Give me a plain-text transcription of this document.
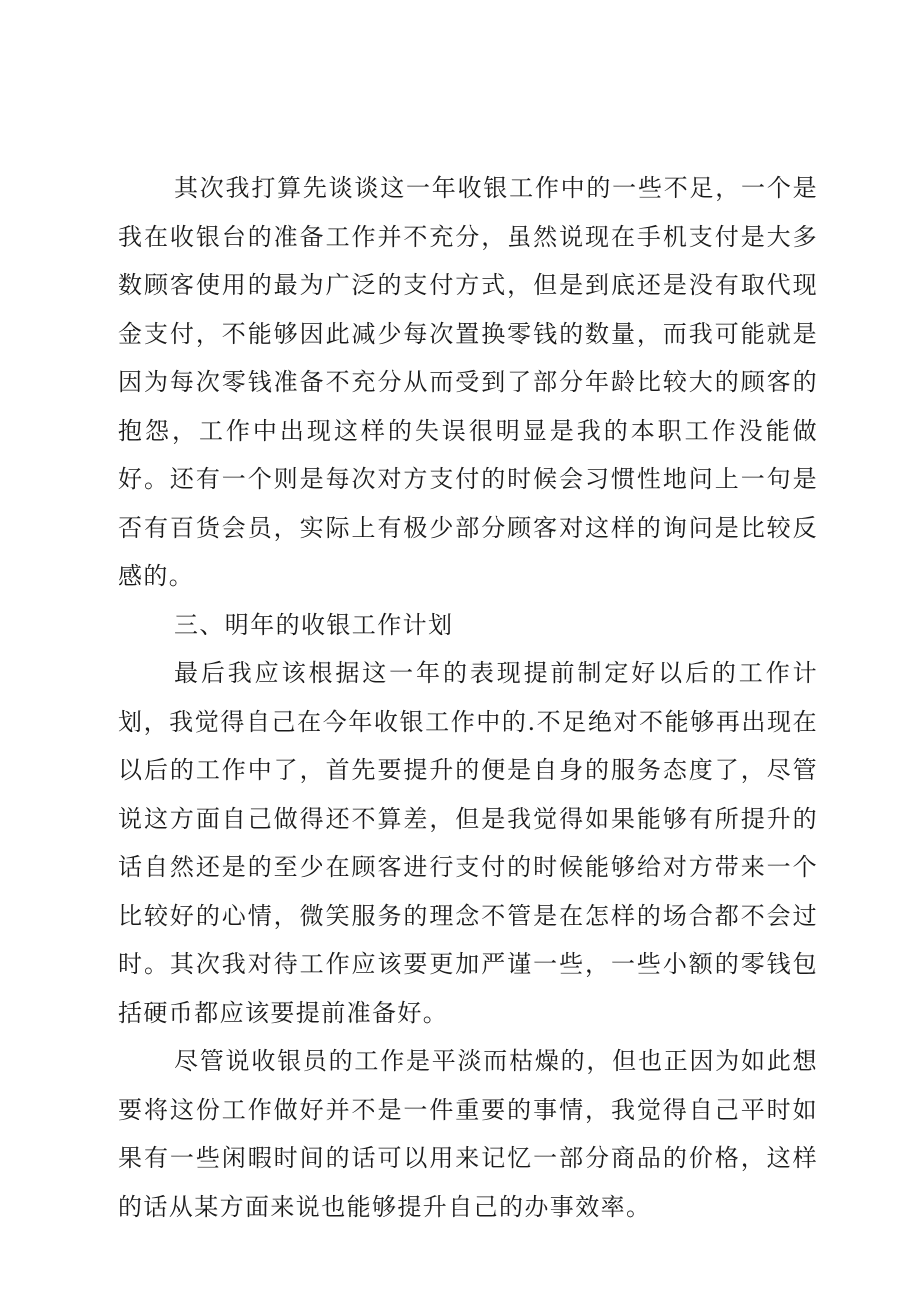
其次我打算先谈谈这一年收银工作中的一些不足，一个是我在收银台的准备工作并不充分，虽然说现在手机支付是大多数顾客使用的最为广泛的支付方式，但是到底还是没有取代现金支付，不能够因此减少每次置换零钱的数量，而我可能就是因为每次零钱准备不充分从而受到了部分年龄比较大的顾客的抱怨，工作中出现这样的失误很明显是我的本职工作没能做好。还有一个则是每次对方支付的时候会习惯性地问上一句是否有百货会员，实际上有极少部分顾客对这样的询问是比较反感的。

三、明年的收银工作计划

最后我应该根据这一年的表现提前制定好以后的工作计划，我觉得自己在今年收银工作中的.不足绝对不能够再出现在以后的工作中了，首先要提升的便是自身的服务态度了，尽管说这方面自己做得还不算差，但是我觉得如果能够有所提升的话自然还是的至少在顾客进行支付的时候能够给对方带来一个比较好的心情，微笑服务的理念不管是在怎样的场合都不会过时。其次我对待工作应该要更加严谨一些，一些小额的零钱包括硬币都应该要提前准备好。

尽管说收银员的工作是平淡而枯燥的，但也正因为如此想要将这份工作做好并不是一件重要的事情，我觉得自己平时如果有一些闲暇时间的话可以用来记忆一部分商品的价格，这样的话从某方面来说也能够提升自己的办事效率。
